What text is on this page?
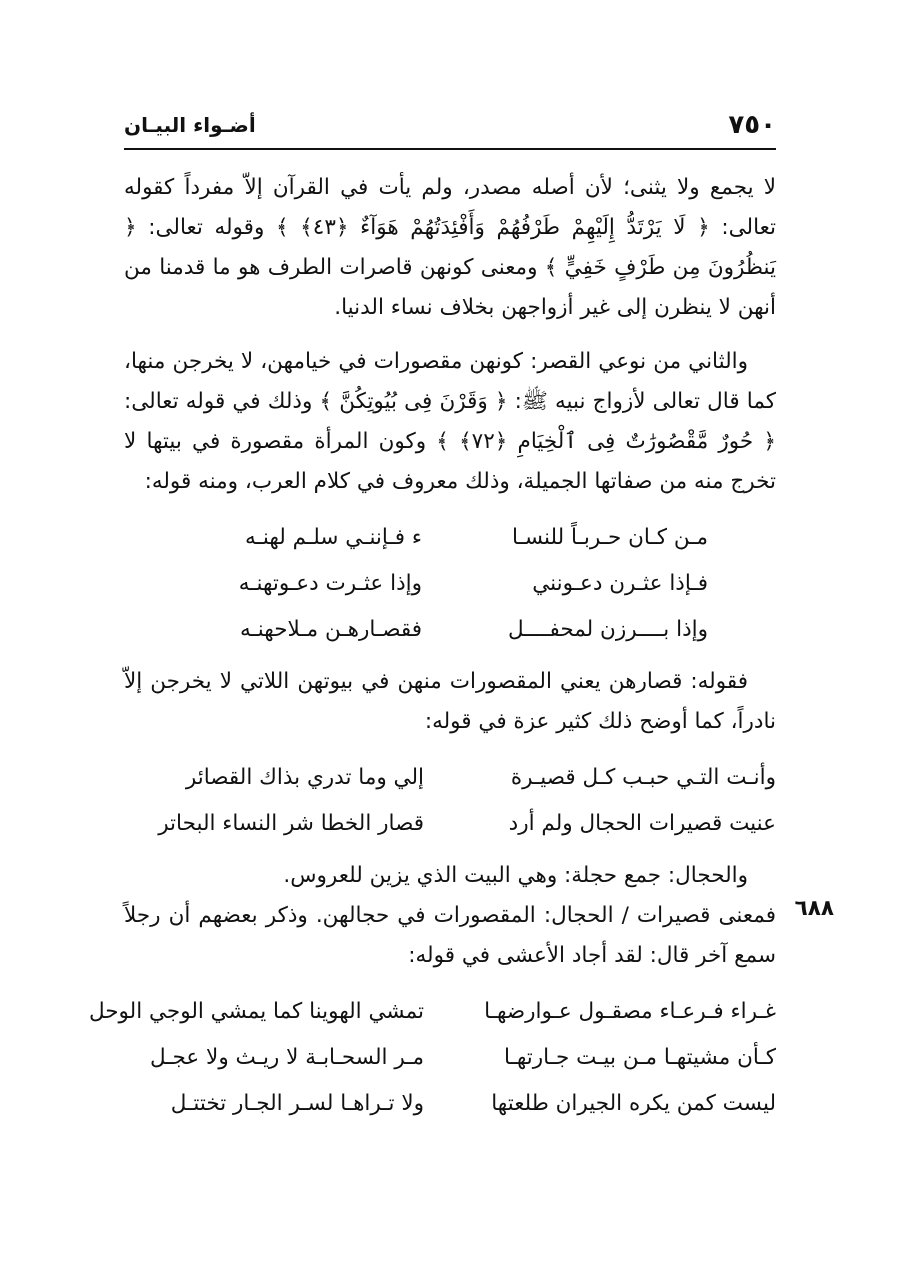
٧٥٠
أضـواء البيـان

لا يجمع ولا يثنى؛ لأن أصله مصدر، ولم يأت في القرآن إلاّ مفرداً كقوله تعالى: ﴿ لَا يَرْتَدُّ إِلَيْهِمْ طَرْفُهُمْ وَأَفْئِدَتُهُمْ هَوَآءٌ ﴿٤٣﴾ ﴾ وقوله تعالى: ﴿ يَنظُرُونَ مِن طَرْفٍ خَفِيٍّ ﴾ ومعنى كونهن قاصرات الطرف هو ما قدمنا من أنهن لا ينظرن إلى غير أزواجهن بخلاف نساء الدنيا.

والثاني من نوعي القصر: كونهن مقصورات في خيامهن، لا يخرجن منها، كما قال تعالى لأزواج نبيه ﷺ: ﴿ وَقَرْنَ فِى بُيُوتِكُنَّ ﴾ وذلك في قوله تعالى: ﴿ حُورٌ مَّقْصُورَٰتٌ فِى ٱلْخِيَامِ ﴿٧٢﴾ ﴾ وكون المرأة مقصورة في بيتها لا تخرج منه من صفاتها الجميلة، وذلك معروف في كلام العرب، ومنه قوله:

مـن كـان حـربـاً للنسـا
ء فـإننـي سلـم لهنـه
فـإذا عثـرن دعـونني
وإذا عثـرت دعـوتهنـه
وإذا بــــرزن لمحفــــل
فقصـارهـن مـلاحهنـه

فقوله: قصارهن يعني المقصورات منهن في بيوتهن اللاتي لا يخرجن إلاّ نادراً، كما أوضح ذلك كثير عزة في قوله:

وأنـت التـي حبـب كـل قصيـرة
إلي وما تدري بذاك القصائر
عنيت قصيرات الحجال ولم أرد
قصار الخطا شر النساء البحاتر

والحجال: جمع حجلة: وهي البيت الذي يزين للعروس.

٦٨٨

فمعنى قصيرات / الحجال: المقصورات في حجالهن. وذكر بعضهم أن رجلاً سمع آخر قال: لقد أجاد الأعشى في قوله:

غـراء فـرعـاء مصقـول عـوارضهـا
تمشي الهوينا كما يمشي الوجي الوحل
كـأن مشيتهـا مـن بيـت جـارتهـا
مـر السحـابـة لا ريـث ولا عجـل
ليست كمن يكره الجيران طلعتها
ولا تـراهـا لسـر الجـار تختتـل
